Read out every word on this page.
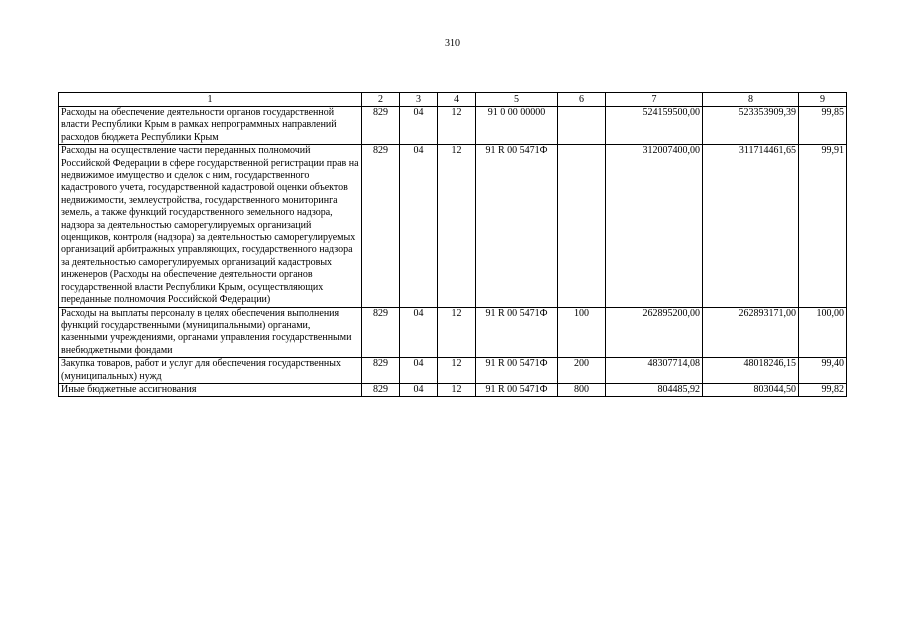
310
1	2	3	4	5	6	7	8	9
Расходы на обеспечение деятельности органов государственной власти Республики Крым в рамках непрограммных направлений расходов бюджета Республики Крым	829	04	12	91 0 00 00000		524159500,00	523353909,39	99,85
Расходы на осуществление части переданных полномочий Российской Федерации в сфере государственной регистрации прав на недвижимое имущество и сделок с ним, государственного кадастрового учета, государственной кадастровой оценки объектов недвижимости, землеустройства, государственного мониторинга земель, а также функций государственного земельного надзора, надзора за деятельностью саморегулируемых организаций оценщиков, контроля (надзора) за деятельностью саморегулируемых организаций арбитражных управляющих, государственного надзора за деятельностью саморегулируемых организаций кадастровых инженеров (Расходы на обеспечение деятельности органов государственной власти Республики Крым, осуществляющих переданные полномочия Российской Федерации)	829	04	12	91 R 00 5471Ф		312007400,00	311714461,65	99,91
Расходы на выплаты персоналу в целях обеспечения выполнения функций государственными (муниципальными) органами, казенными учреждениями, органами управления государственными внебюджетными фондами	829	04	12	91 R 00 5471Ф	100	262895200,00	262893171,00	100,00
Закупка товаров, работ и услуг для обеспечения государственных (муниципальных) нужд	829	04	12	91 R 00 5471Ф	200	48307714,08	48018246,15	99,40
Иные бюджетные ассигнования	829	04	12	91 R 00 5471Ф	800	804485,92	803044,50	99,82
